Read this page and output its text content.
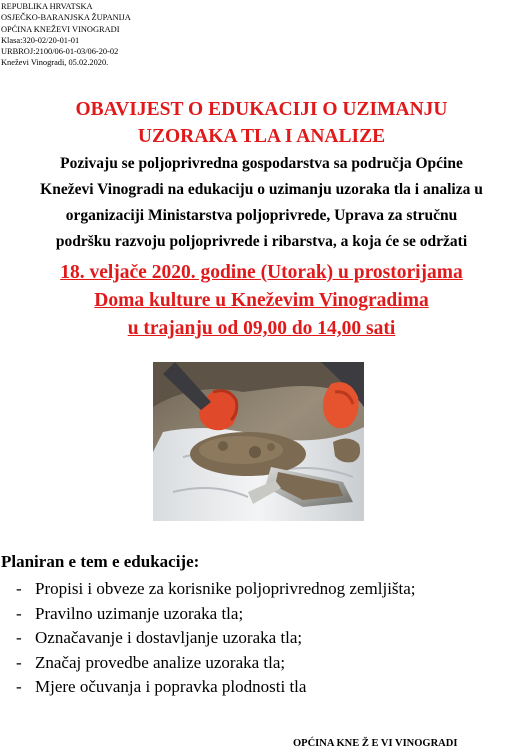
REPUBLIKA HRVATSKA
OSJEČKO-BARANJSKA ŽUPANIJA
OPĆINA KNEŽEVI VINOGRADI
Klasa:320-02/20-01-01
URBROJ:2100/06-01-03/06-20-02
Kneževi Vinogradi, 05.02.2020.
OBAVIJEST O EDUKACIJI O UZIMANJU
UZORAKA TLA I ANALIZE
Pozivaju se poljoprivredna gospodarstva sa područja Općine
Kneževi Vinogradi na edukaciju o uzimanju uzoraka tla i analiza u
organizaciji Ministarstva poljoprivrede, Uprava za stručnu
podršku razvoju poljoprivrede i ribarstva, a koja će se održati
18. veljače 2020. godine (Utorak) u prostorijama
Doma kulture u Kneževim Vinogradima
u trajanju od 09,00 do 14,00 sati
Planiran e tem e edukacije:
- Propisi i obveze za korisnike poljoprivrednog zemljišta;
- Pravilno uzimanje uzoraka tla;
- Označavanje i dostavljanje uzoraka tla;
- Značaj provedbe analize uzoraka tla;
- Mjere očuvanja i popravka plodnosti tla
OPĆINA KNE Ž E VI VINOGRADI
